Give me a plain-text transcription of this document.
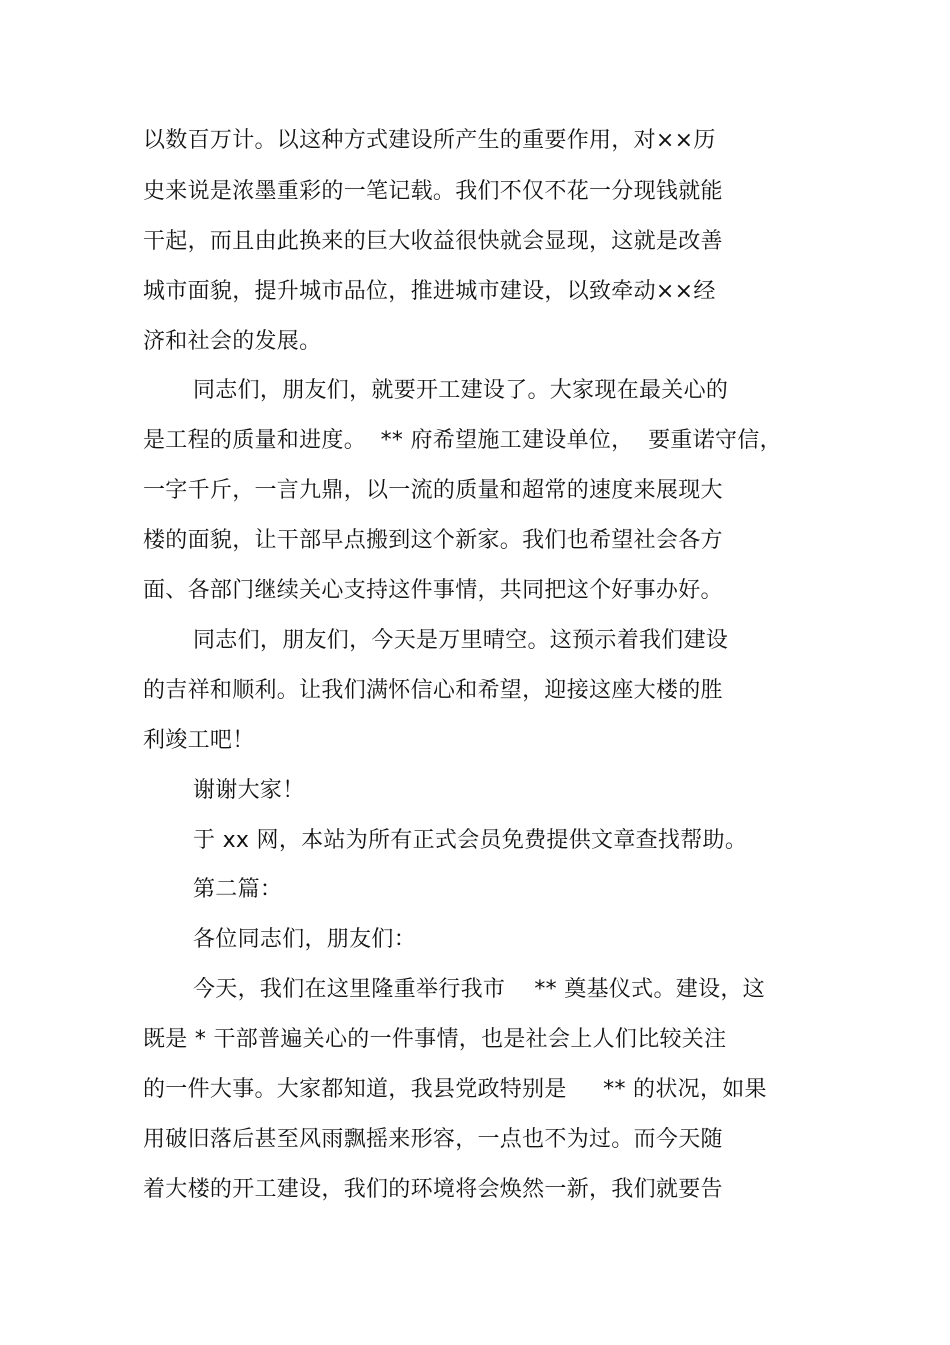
以数百万计。以这种方式建设所产生的重要作用，对××历
史来说是浓墨重彩的一笔记载。我们不仅不花一分现钱就能
干起，而且由此换来的巨大收益很快就会显现，这就是改善
城市面貌，提升城市品位，推进城市建设，以致牵动××经
济和社会的发展。
同志们，朋友们，就要开工建设了。大家现在最关心的
是工程的质量和进度。  ** 府希望施工建设单位，  要重诺守信，
一字千斤，一言九鼎，以一流的质量和超常的速度来展现大
楼的面貌，让干部早点搬到这个新家。我们也希望社会各方
面、各部门继续关心支持这件事情，共同把这个好事办好。
同志们，朋友们，今天是万里晴空。这预示着我们建设
的吉祥和顺利。让我们满怀信心和希望，迎接这座大楼的胜
利竣工吧！
谢谢大家！
于 xx 网，本站为所有正式会员免费提供文章查找帮助。
第二篇：
各位同志们，朋友们：
今天，我们在这里隆重举行我市    ** 奠基仪式。建设，这
既是 * 干部普遍关心的一件事情，也是社会上人们比较关注
的一件大事。大家都知道，我县党政特别是     ** 的状况，如果
用破旧落后甚至风雨飘摇来形容，一点也不为过。而今天随
着大楼的开工建设，我们的环境将会焕然一新，我们就要告
